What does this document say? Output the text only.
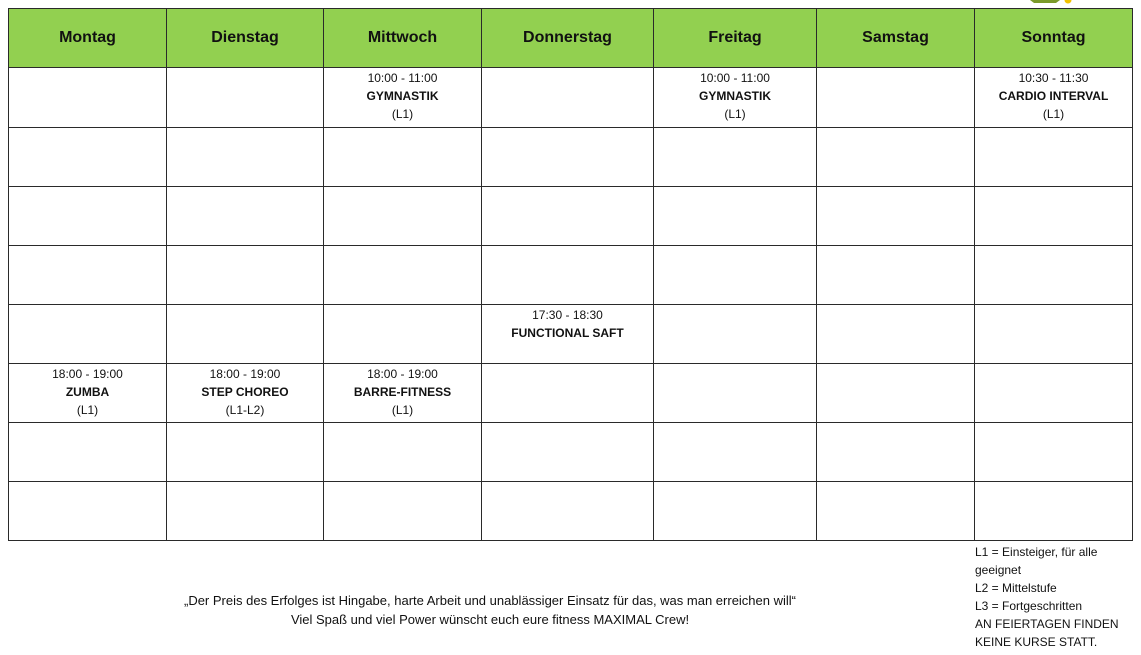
Montag	Dienstag	Mittwoch	Donnerstag	Freitag	Samstag	Sonntag

		10:00 - 11:00
GYMNASTIK
(L1)		10:00 - 11:00
GYMNASTIK
(L1)		10:30 - 11:30
CARDIO INTERVAL
(L1)

			17:30 - 18:30
FUNCTIONAL SAFT			

18:00 - 19:00
ZUMBA
(L1)	18:00 - 19:00
STEP CHOREO
(L1-L2)	18:00 - 19:00
BARRE-FITNESS
(L1)				

L1 = Einsteiger, für alle geeignet
L2 = Mittelstufe
L3 = Fortgeschritten
AN FEIERTAGEN FINDEN KEINE KURSE STATT.
„Der Preis des Erfolges ist Hingabe, harte Arbeit und unablässiger Einsatz für das, was man erreichen will“
Viel Spaß und viel Power wünscht euch eure fitness MAXIMAL Crew!
